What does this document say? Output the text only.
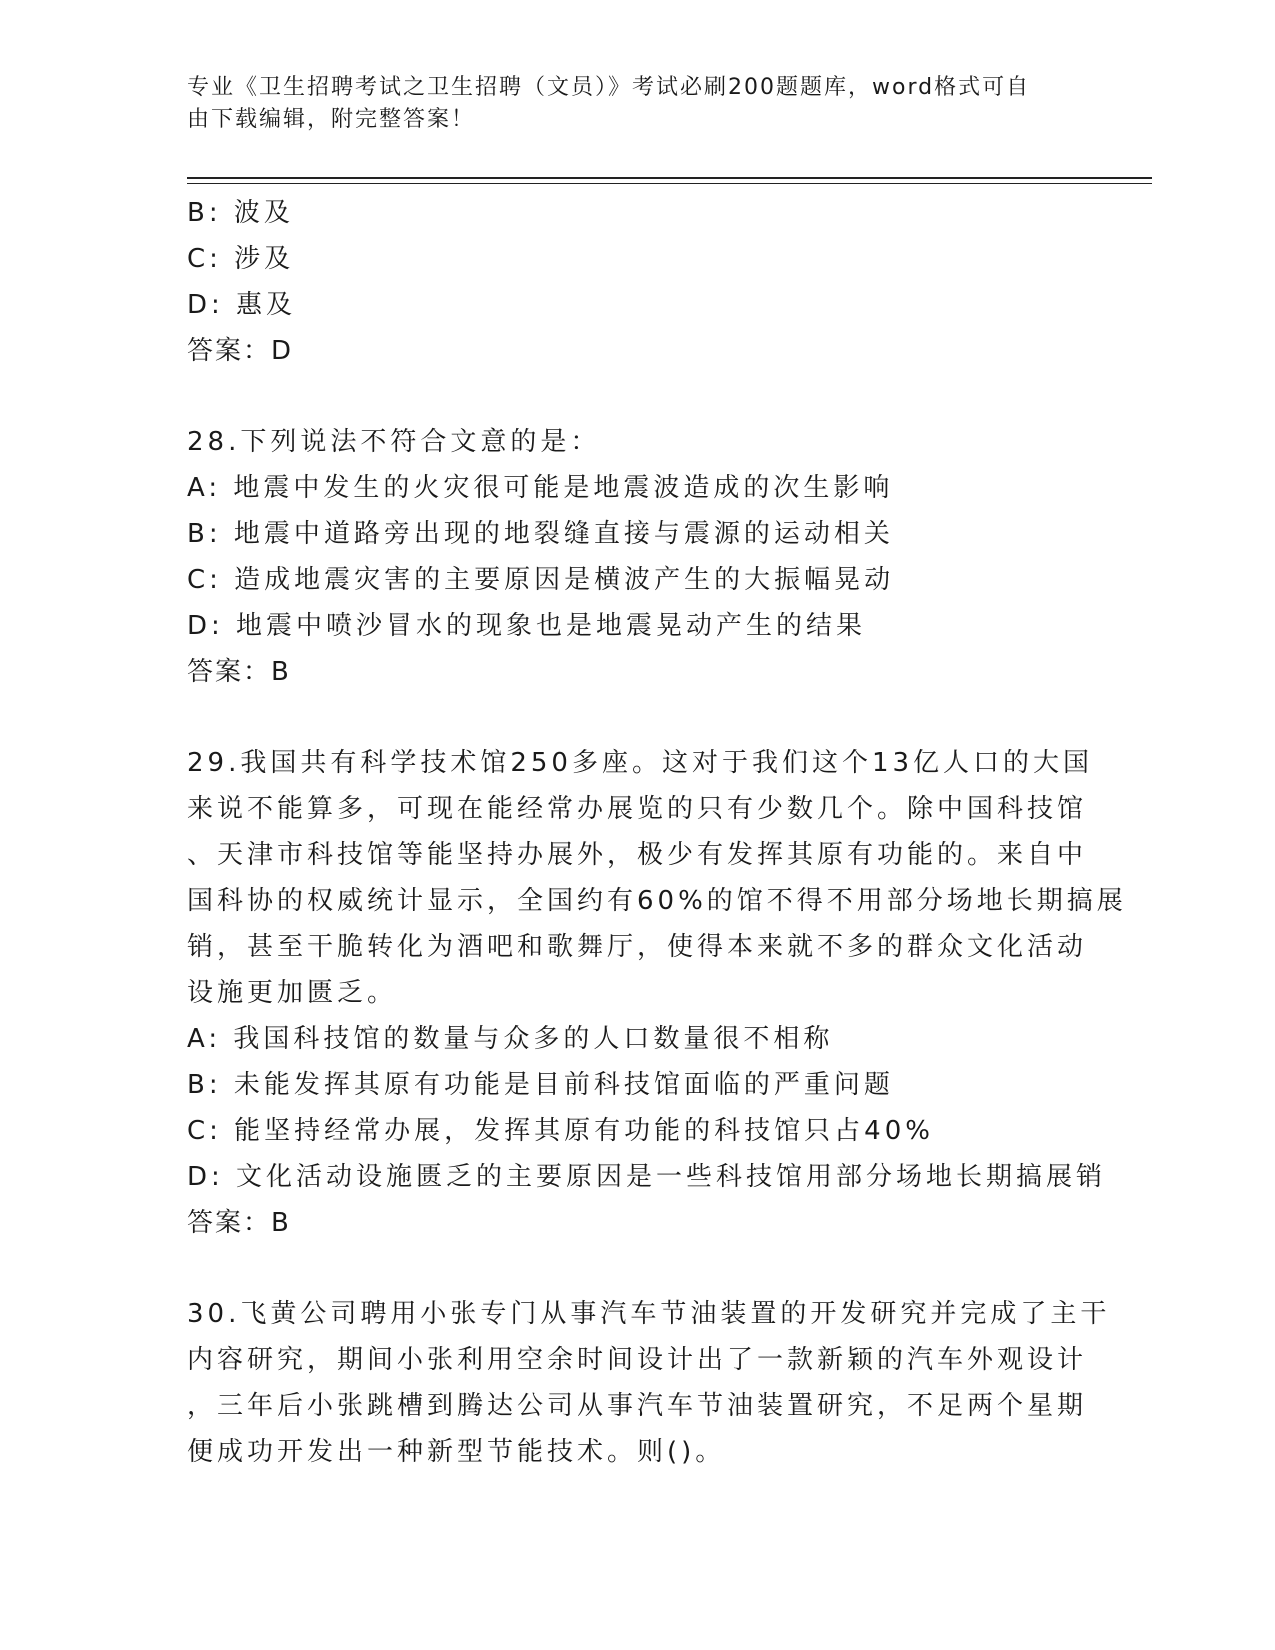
专业《卫生招聘考试之卫生招聘（文员）》考试必刷200题题库，word格式可自
由下载编辑，附完整答案！
B: 波及
C: 涉及
D: 惠及
答案：D
28.下列说法不符合文意的是：
A: 地震中发生的火灾很可能是地震波造成的次生影响
B: 地震中道路旁出现的地裂缝直接与震源的运动相关
C: 造成地震灾害的主要原因是横波产生的大振幅晃动
D: 地震中喷沙冒水的现象也是地震晃动产生的结果
答案：B
29.我国共有科学技术馆250多座。这对于我们这个13亿人口的大国
来说不能算多，可现在能经常办展览的只有少数几个。除中国科技馆
、天津市科技馆等能坚持办展外，极少有发挥其原有功能的。来自中
国科协的权威统计显示，全国约有60%的馆不得不用部分场地长期搞展
销，甚至干脆转化为酒吧和歌舞厅，使得本来就不多的群众文化活动
设施更加匮乏。
A: 我国科技馆的数量与众多的人口数量很不相称
B: 未能发挥其原有功能是目前科技馆面临的严重问题
C: 能坚持经常办展，发挥其原有功能的科技馆只占40%
D: 文化活动设施匮乏的主要原因是一些科技馆用部分场地长期搞展销
答案：B
30.飞黄公司聘用小张专门从事汽车节油装置的开发研究并完成了主干
内容研究，期间小张利用空余时间设计出了一款新颖的汽车外观设计
，三年后小张跳槽到腾达公司从事汽车节油装置研究，不足两个星期
便成功开发出一种新型节能技术。则()。
